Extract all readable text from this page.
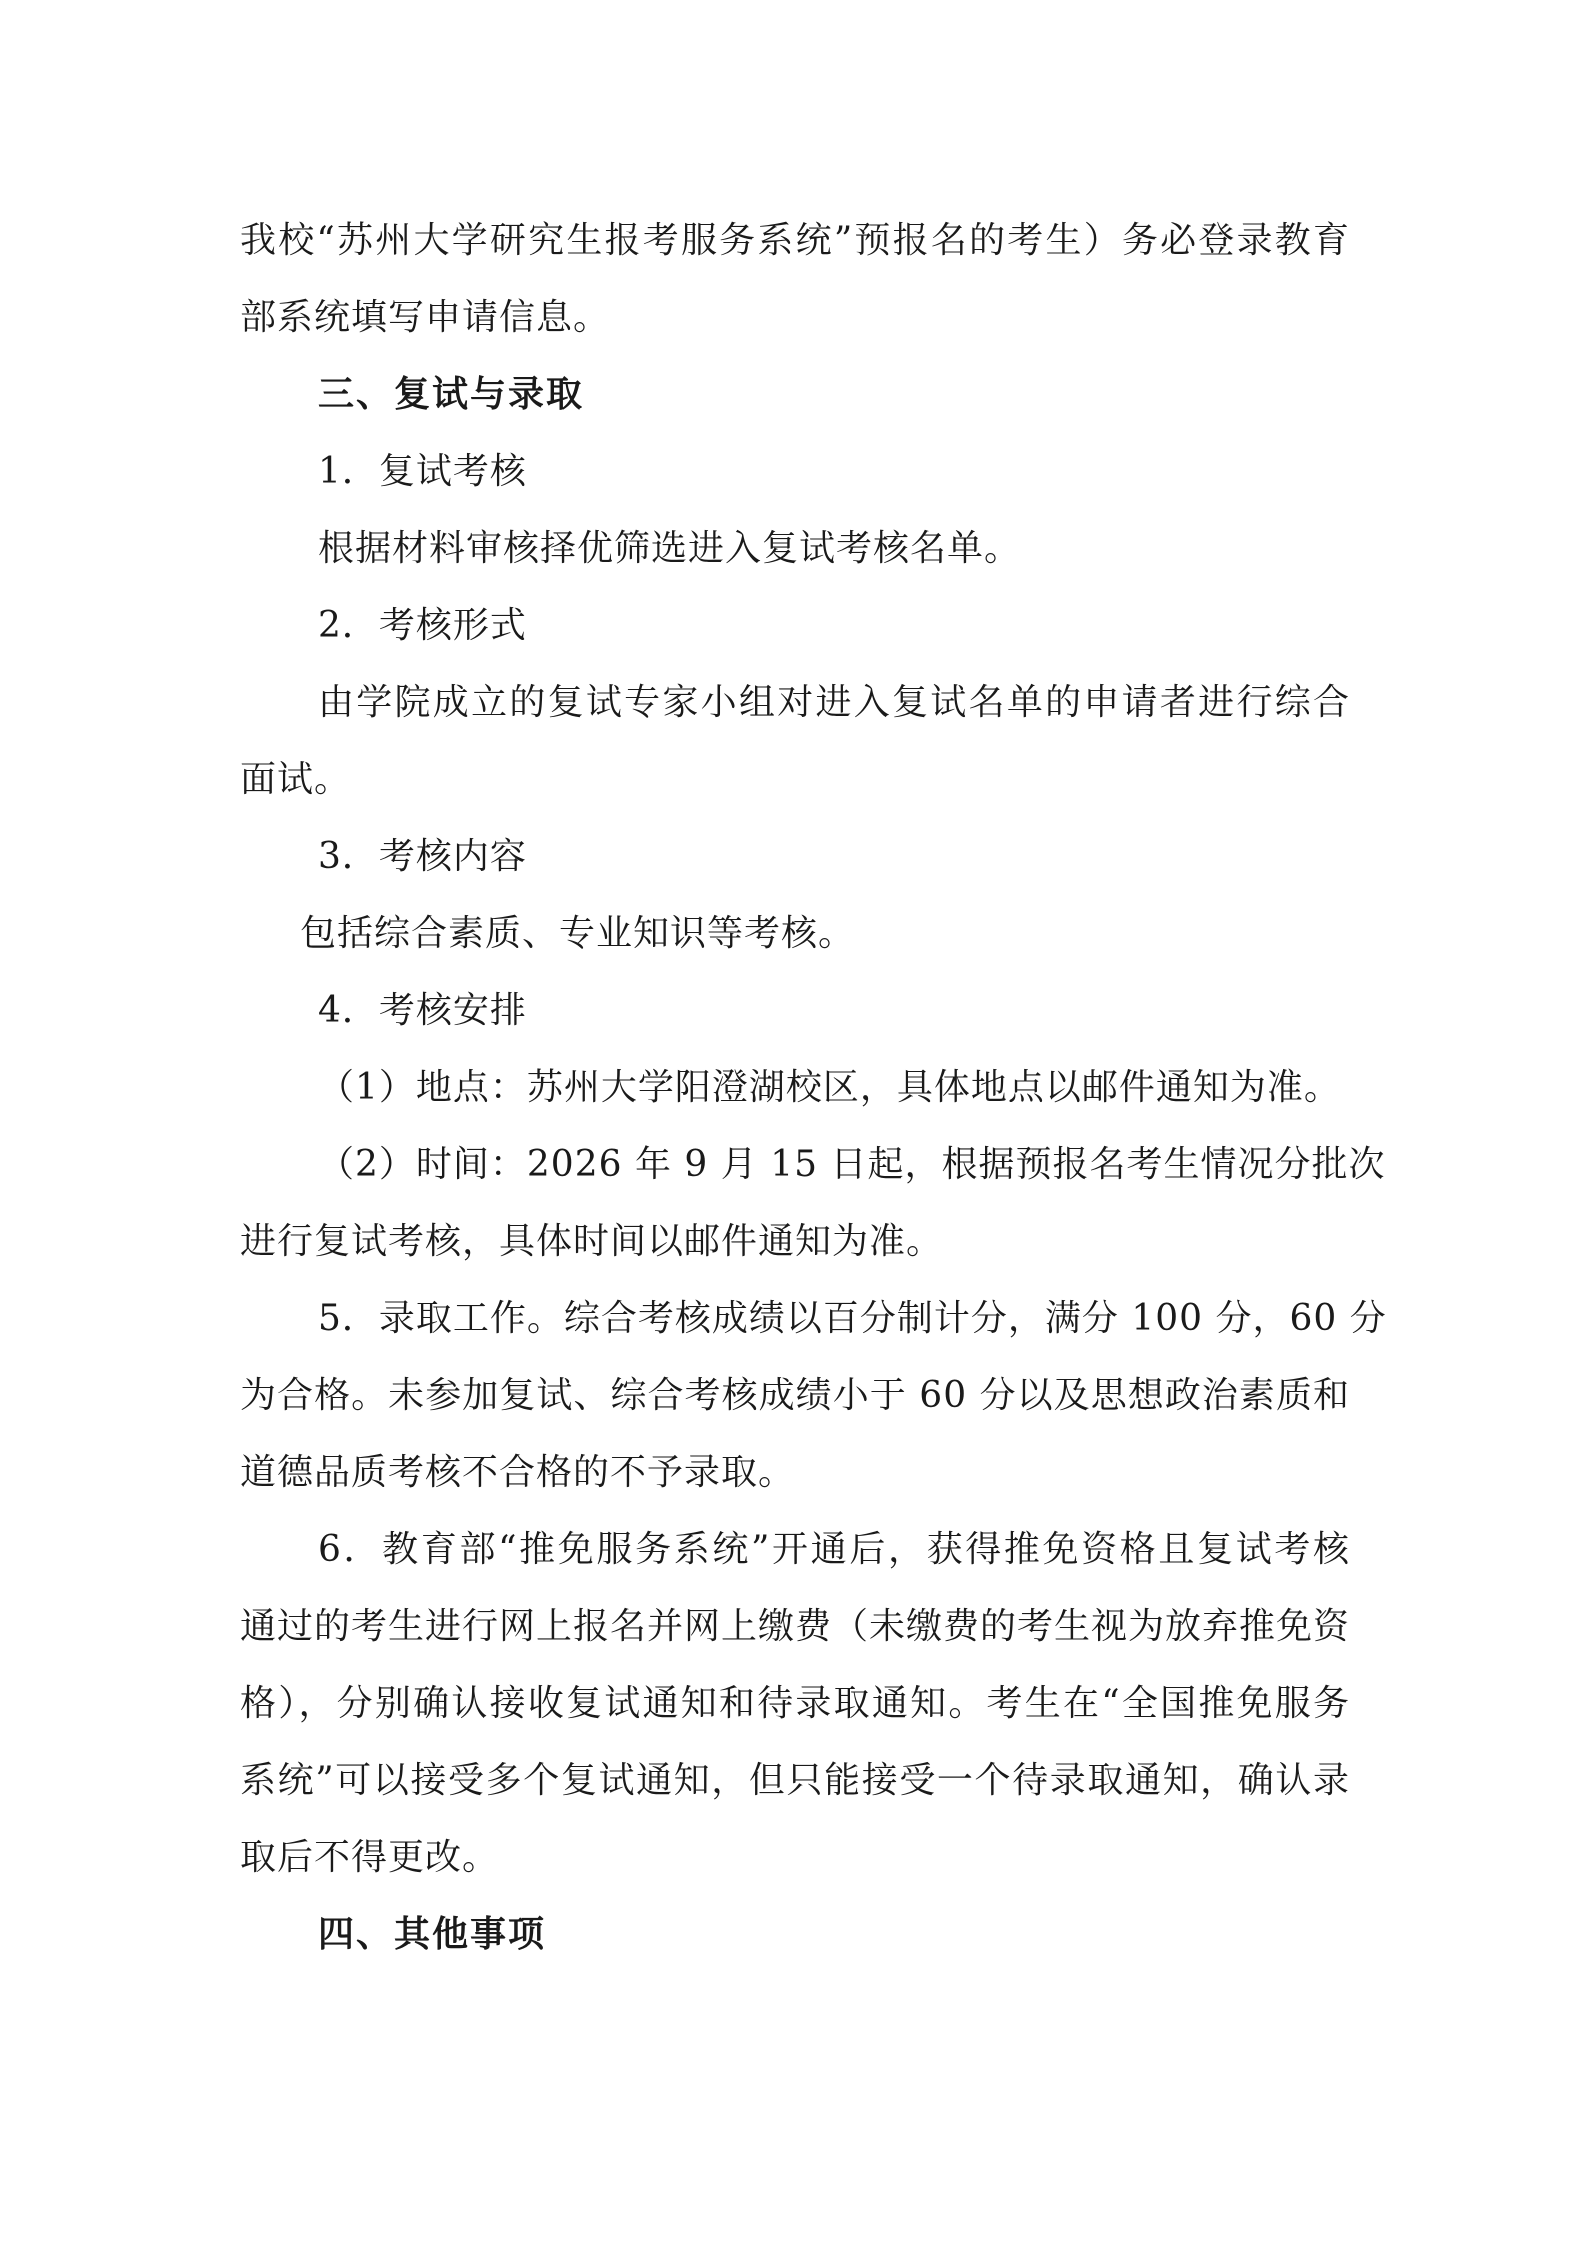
我校“苏州大学研究生报考服务系统”预报名的考生）务必登录教育
部系统填写申请信息。
三、复试与录取
1．复试考核
根据材料审核择优筛选进入复试考核名单。
2．考核形式
由学院成立的复试专家小组对进入复试名单的申请者进行综合
面试。
3．考核内容
包括综合素质、专业知识等考核。
4．考核安排
（1）地点：苏州大学阳澄湖校区，具体地点以邮件通知为准。
（2）时间：2026 年 9 月 15 日起，根据预报名考生情况分批次
进行复试考核，具体时间以邮件通知为准。
5．录取工作。综合考核成绩以百分制计分，满分 100 分，60 分
为合格。未参加复试、综合考核成绩小于 60 分以及思想政治素质和
道德品质考核不合格的不予录取。
6．教育部“推免服务系统”开通后，获得推免资格且复试考核
通过的考生进行网上报名并网上缴费（未缴费的考生视为放弃推免资
格），分别确认接收复试通知和待录取通知。考生在“全国推免服务
系统”可以接受多个复试通知，但只能接受一个待录取通知，确认录
取后不得更改。
四、其他事项
